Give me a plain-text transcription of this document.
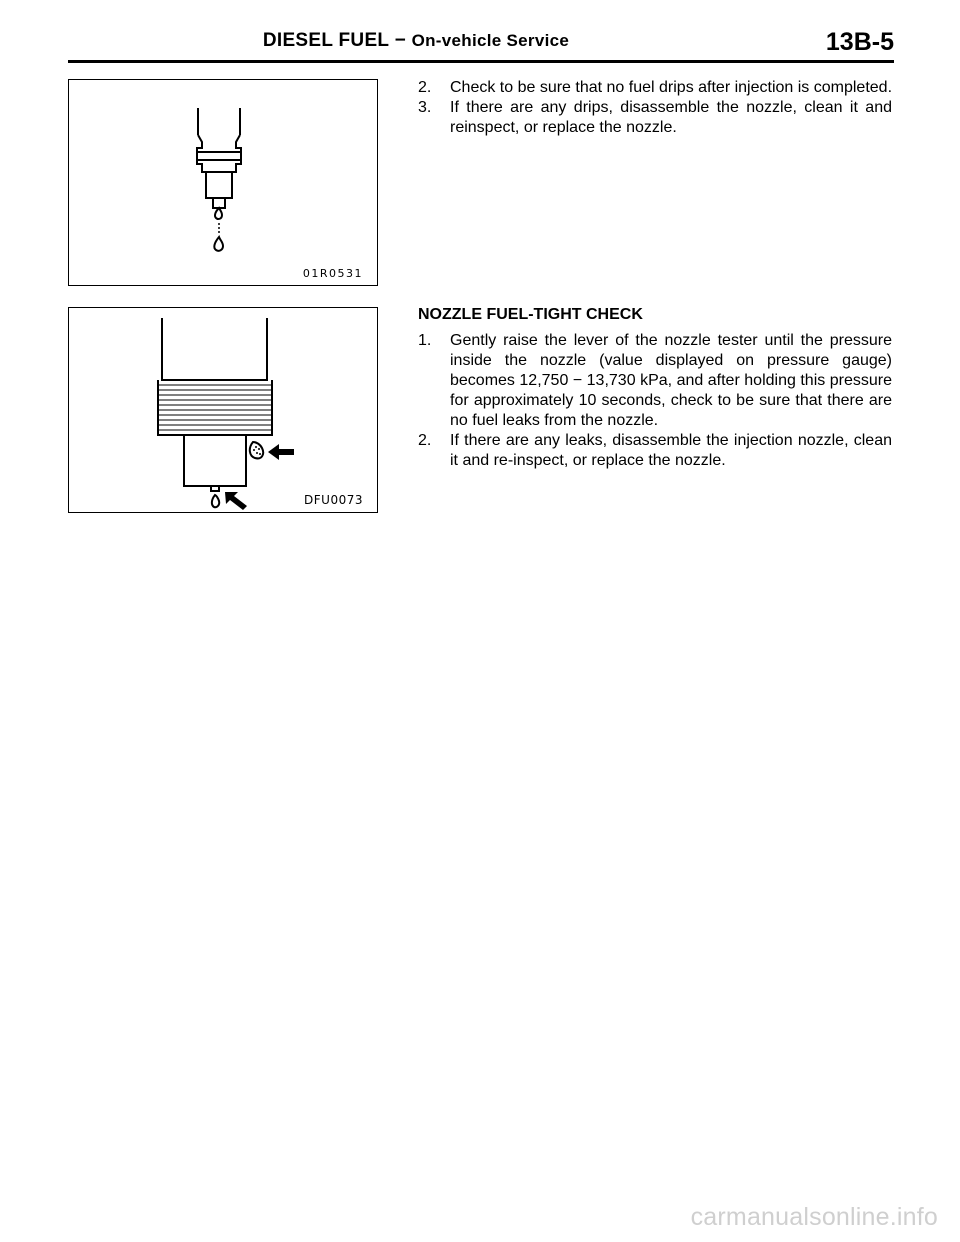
DIESEL FUEL − On-vehicle Service	13B-5
01R0531
DFU0073
2.	Check to be sure that no fuel drips after injection is completed.
3.	If there are any drips, disassemble the nozzle, clean it and reinspect, or replace the nozzle.
NOZZLE FUEL-TIGHT CHECK
1.	Gently raise the lever of the nozzle tester until the pressure inside the nozzle (value displayed on pressure gauge) becomes 12,750 − 13,730 kPa, and after holding this pressure for approximately 10 seconds, check to be sure that there are no fuel leaks from the nozzle.
2.	If there are any leaks, disassemble the injection nozzle, clean it and re-inspect, or replace the nozzle.
carmanualsonline.info
